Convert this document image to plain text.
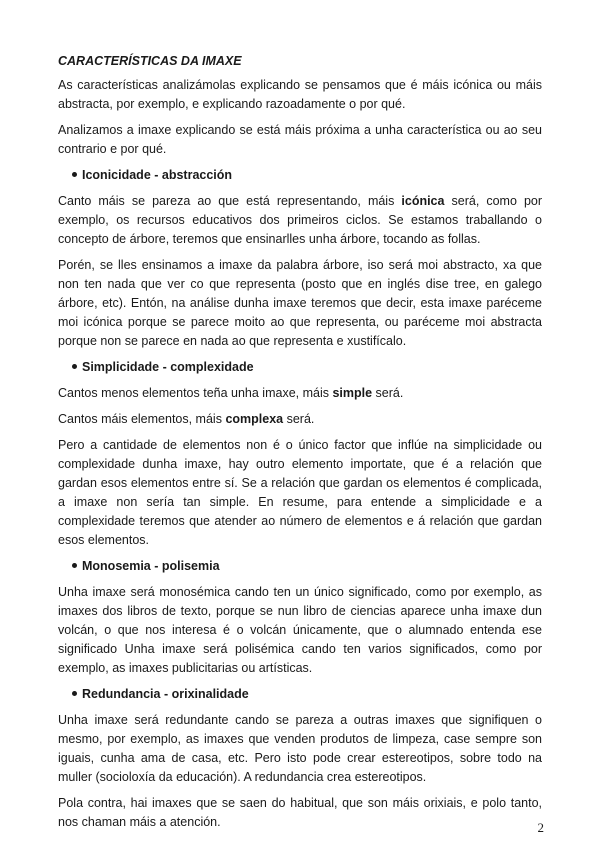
CARACTERÍSTICAS DA IMAXE

As características analizámolas explicando se pensamos que é máis icónica ou máis abstracta, por exemplo, e explicando razoadamente o por qué.

Analizamos a imaxe explicando se está máis próxima a unha característica ou ao seu contrario e por qué.

Iconicidade - abstracción

Canto máis se pareza ao que está representando, máis icónica será, como por exemplo, os recursos educativos dos primeiros ciclos. Se estamos traballando o concepto de árbore, teremos que ensinarlles unha árbore, tocando as follas.

Porén, se lles ensinamos a imaxe da palabra árbore, iso será moi abstracto, xa que non ten nada que ver co que representa (posto que en inglés dise tree, en galego árbore, etc). Entón, na análise dunha imaxe teremos que decir, esta imaxe paréceme moi icónica porque se parece moito ao que representa, ou paréceme moi abstracta porque non se parece en nada ao que representa e xustifícalo.

Simplicidade - complexidade

Cantos menos elementos teña unha imaxe, máis simple será.

Cantos máis elementos, máis complexa será.

Pero a cantidade de elementos non é o único factor que inflúe na simplicidade ou complexidade dunha imaxe, hay outro elemento importate, que é a relación que gardan esos elementos entre sí. Se a relación que gardan os elementos é complicada, a imaxe non sería tan simple. En resume, para entende a simplicidade e a complexidade teremos que atender ao número de elementos e á relación que gardan esos elementos.

Monosemia - polisemia

Unha imaxe será monosémica cando ten un único significado, como por exemplo, as imaxes dos libros de texto, porque se nun libro de ciencias aparece unha imaxe dun volcán, o que nos interesa é o volcán únicamente, que o alumnado entenda ese significado Unha imaxe será polisémica cando ten varios significados, como por exemplo, as imaxes publicitarias ou artísticas.

Redundancia - orixinalidade

Unha imaxe será redundante cando se pareza a outras imaxes que signifiquen o mesmo, por exemplo, as imaxes que venden produtos de limpeza, case sempre son iguais, cunha ama de casa, etc. Pero isto pode crear estereotipos, sobre todo na muller (socioloxía da educación). A redundancia crea estereotipos.

Pola contra, hai imaxes que se saen do habitual, que son máis orixiais, e polo tanto, nos chaman máis a atención.	2
